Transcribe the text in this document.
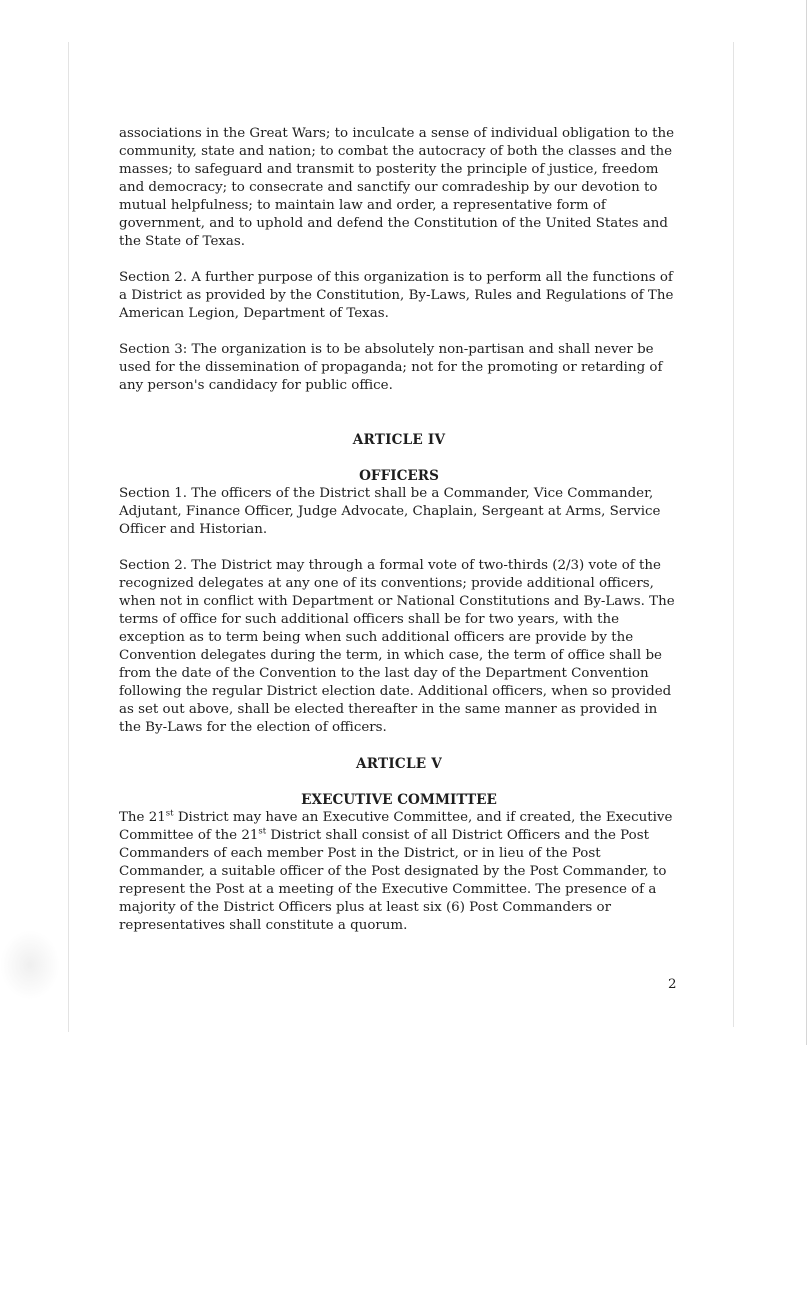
associations in the Great Wars; to inculcate a sense of individual obligation to the community, state and nation; to combat the autocracy of both the classes and the masses; to safeguard and transmit to posterity the principle of justice, freedom and democracy; to consecrate and sanctify our comradeship by our devotion to mutual helpfulness; to maintain law and order, a representative form of government, and to uphold and defend the Constitution of the United States and the State of Texas.

Section 2. A further purpose of this organization is to perform all the functions of a District as provided by the Constitution, By-Laws, Rules and Regulations of The American Legion, Department of Texas.

Section 3: The organization is to be absolutely non-partisan and shall never be used for the dissemination of propaganda; not for the promoting or retarding of any person's candidacy for public office.

ARTICLE IV

OFFICERS

Section 1. The officers of the District shall be a Commander, Vice Commander, Adjutant, Finance Officer, Judge Advocate, Chaplain, Sergeant at Arms, Service Officer and Historian.

Section 2. The District may through a formal vote of two-thirds (2/3) vote of the recognized delegates at any one of its conventions; provide additional officers, when not in conflict with Department or National Constitutions and By-Laws. The terms of office for such additional officers shall be for two years, with the exception as to term being when such additional officers are provide by the Convention delegates during the term, in which case, the term of office shall be from the date of the Convention to the last day of the Department Convention following the regular District election date. Additional officers, when so provided as set out above, shall be elected thereafter in the same manner as provided in the By-Laws for the election of officers.

ARTICLE V

EXECUTIVE COMMITTEE

The 21st District may have an Executive Committee, and if created, the Executive Committee of the 21st District shall consist of all District Officers and the Post Commanders of each member Post in the District, or in lieu of the Post Commander, a suitable officer of the Post designated by the Post Commander, to represent the Post at a meeting of the Executive Committee. The presence of a majority of the District Officers plus at least six (6) Post Commanders or representatives shall constitute a quorum.

2
